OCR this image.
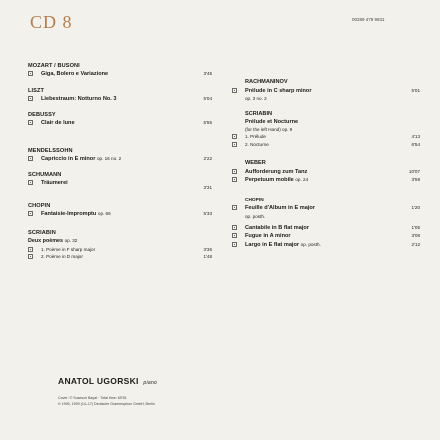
CD 8	00289 479 9931
MOZART / BUSONI
Giga, Bolero e Variazione	3'45
LISZT
Liebestraum: Notturno No. 3	5'04
DEBUSSY
Clair de lune	5'55
MENDELSSOHN
Capriccio in E minor op. 16 no. 2	2'22
SCHUMANN
Träumerei
3'31
CHOPIN
Fantaisie-Impromptu op. 66	5'33
SCRIABIN
Deux poèmes op. 32
1. Poème in F sharp major	3'36
2. Poème in D major	1'48
RACHMANINOV
Prélude in C sharp minor	5'01
op. 3 no. 2
SCRIABIN
Prélude et Nocturne
(for the left Hand) op. 9
1. Prélude	4'13
2. Nocturne	6'54
WEBER
Aufforderung zum Tanz	10'07
Perpetuum mobile op. 24	3'59
CHOPIN
Feuille d'Album in E major	1'20
op. posth.
Cantabile in B flat major	1'05
Fugue in A minor	3'08
Largo in E flat major op. posth.	2'12
ANATOL UGORSKI piano
Cover: © Susesch Bayat · Total time: 69'35
℗ 1995, 1999 (14–17) Deutsche Grammophon GmbH, Berlin
